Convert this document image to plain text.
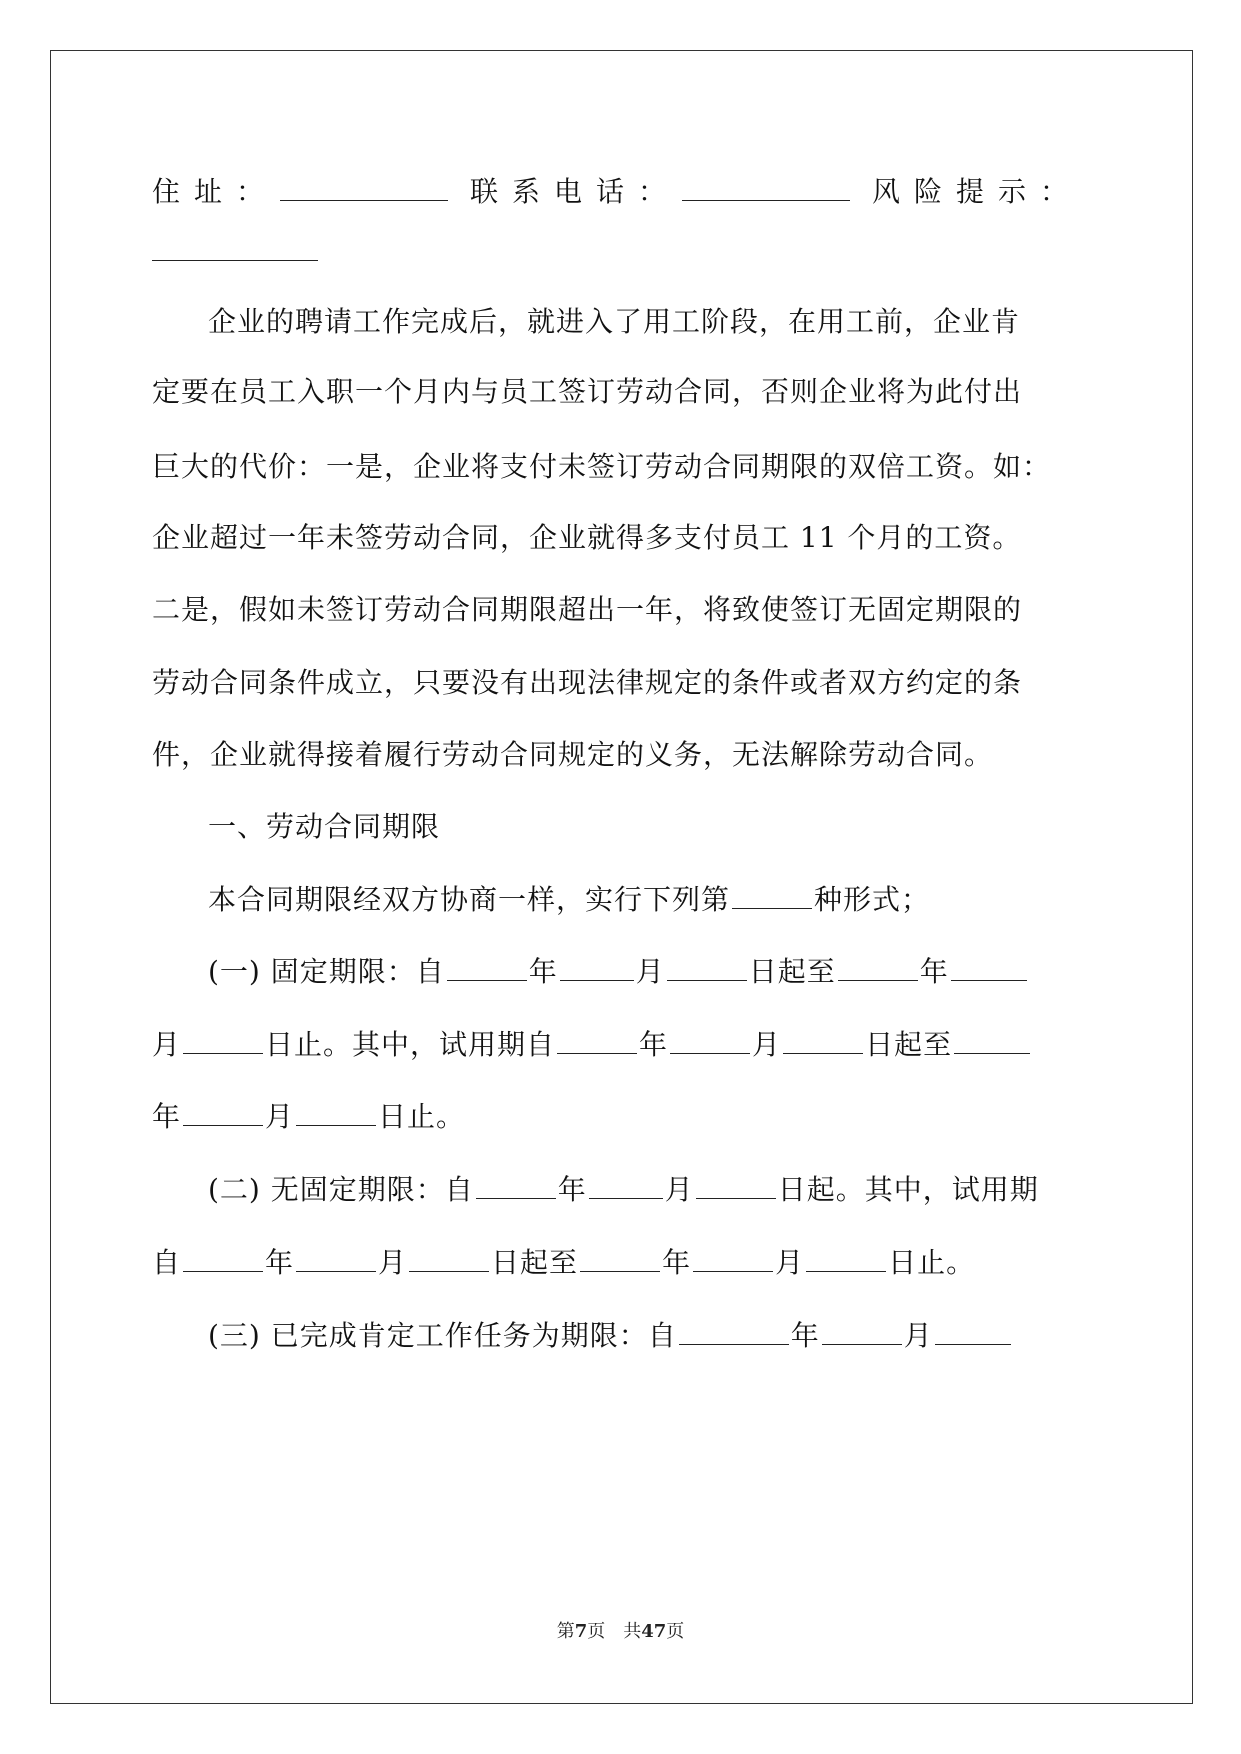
住址：	联系电话：	风险提示：
企业的聘请工作完成后，就进入了用工阶段，在用工前，企业肯
定要在员工入职一个月内与员工签订劳动合同，否则企业将为此付出
巨大的代价：一是，企业将支付未签订劳动合同期限的双倍工资。如：
企业超过一年未签劳动合同，企业就得多支付员工 11 个月的工资。
二是，假如未签订劳动合同期限超出一年，将致使签订无固定期限的
劳动合同条件成立，只要没有出现法律规定的条件或者双方约定的条
件，企业就得接着履行劳动合同规定的义务，无法解除劳动合同。
一、劳动合同期限
本合同期限经双方协商一样，实行下列第	种形式；
(一) 固定期限：自	年	月	日起至	年
月	日止。其中，试用期自	年	月	日起至
年	月	日止。
(二) 无固定期限：自	年	月	日起。其中，试用期
自	年	月	日起至	年	月	日止。
(三) 已完成肯定工作任务为期限：自	年	月
第7页　共47页
